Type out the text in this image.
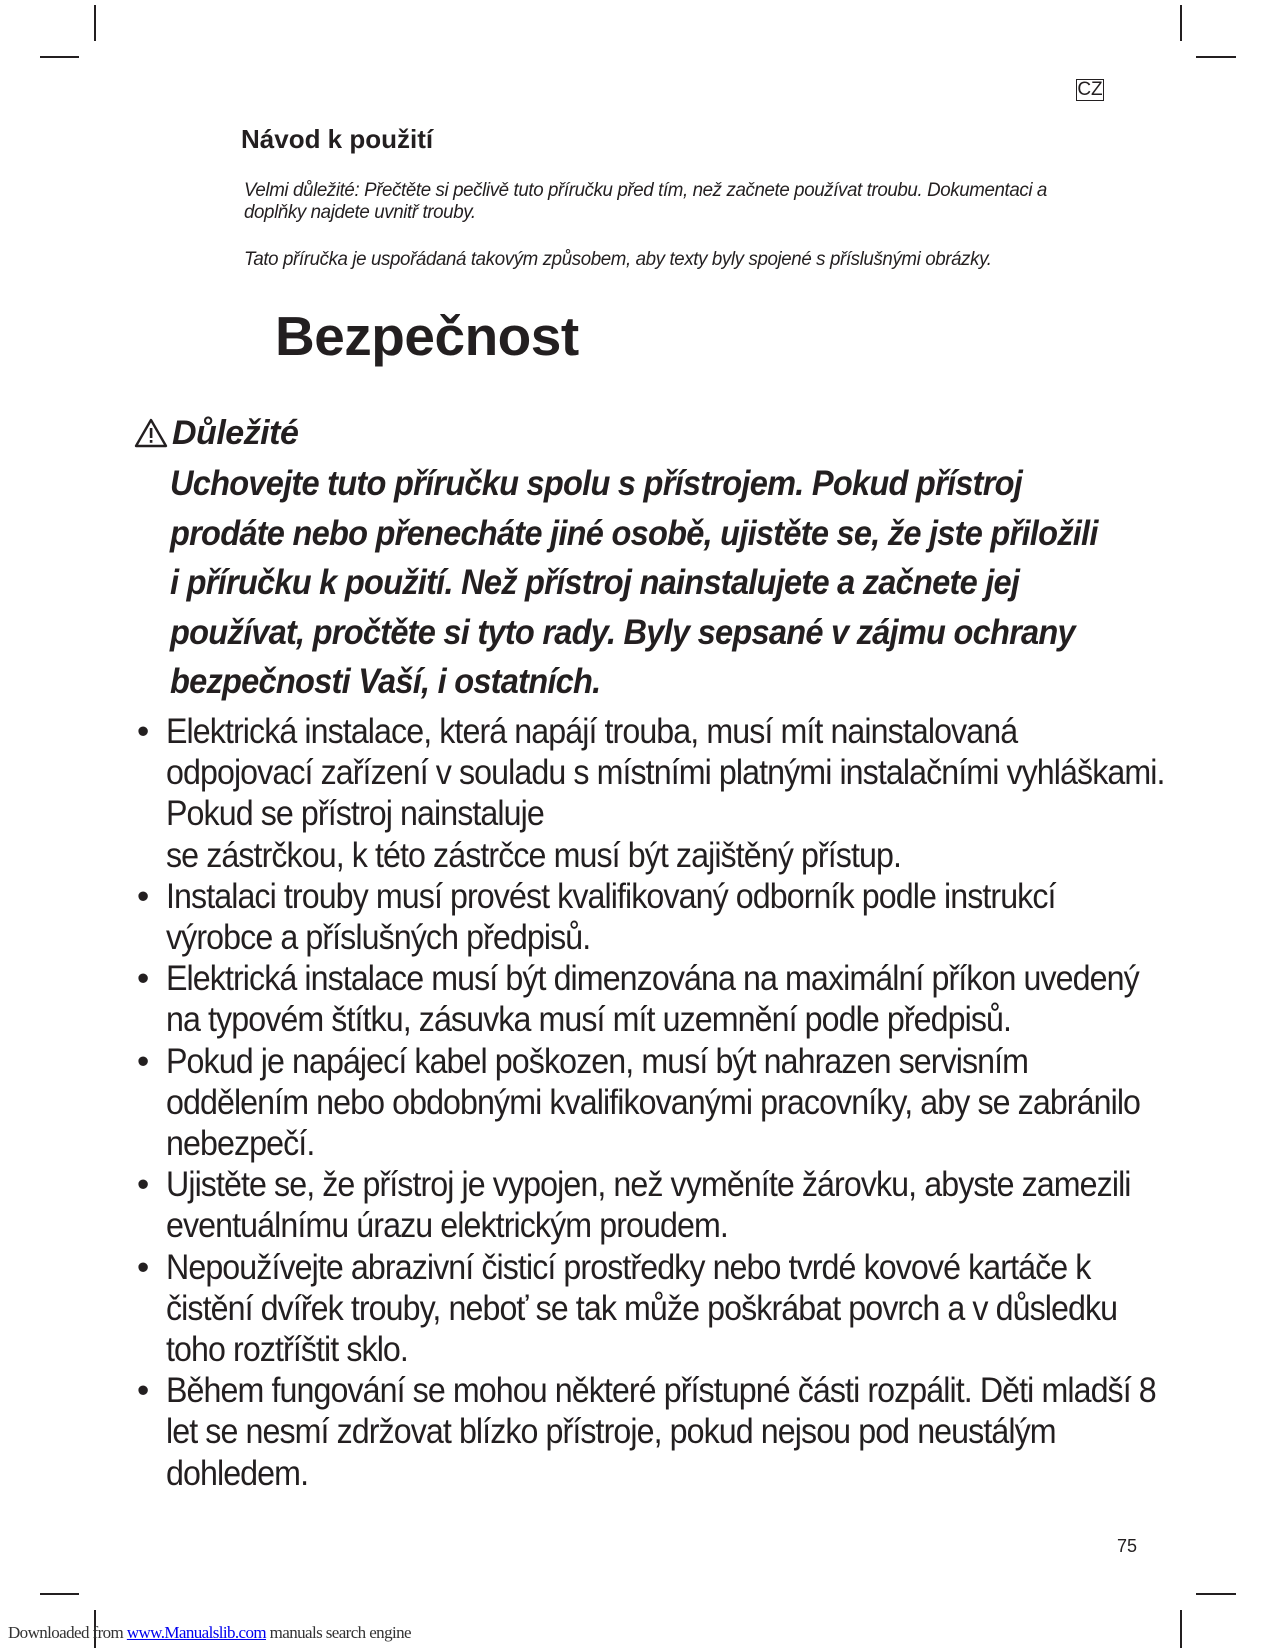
CZ
Návod k použití

Velmi důležité: Přečtěte si pečlivě tuto příručku před tím, než začnete používat troubu. Dokumentaci a doplňky najdete uvnitř trouby.

Tato příručka je uspořádaná takovým způsobem, aby texty byly spojené s příslušnými obrázky.

Bezpečnost
Důležité

Uchovejte tuto příručku spolu s přístrojem. Pokud přístroj prodáte nebo přenecháte jiné osobě, ujistěte se, že jste přiložili i příručku k použití. Než přístroj nainstalujete a začnete jej používat, pročtěte si tyto rady. Byly sepsané v zájmu ochrany bezpečnosti Vaší, i ostatních.

• Elektrická instalace, která napájí trouba, musí mít nainstalovaná odpojovací zařízení v souladu s místními platnými instalačními vyhláškami. Pokud se přístroj nainstaluje
se zástrčkou, k této zástrčce musí být zajištěný přístup.
• Instalaci trouby musí provést kvalifikovaný odborník podle instrukcí výrobce a příslušných předpisů.
• Elektrická instalace musí být dimenzována na maximální příkon uvedený na typovém štítku, zásuvka musí mít uzemnění podle předpisů.
• Pokud je napájecí kabel poškozen, musí být nahrazen servisním oddělením nebo obdobnými kvalifikovanými pracovníky, aby se zabránilo nebezpečí.
• Ujistěte se, že přístroj je vypojen, než vyměníte žárovku, abyste zamezili eventuálnímu úrazu elektrickým proudem.
• Nepoužívejte abrazivní čisticí prostředky nebo tvrdé kovové kartáče k čistění dvířek trouby, neboť se tak může poškrábat povrch a v důsledku toho roztříštit sklo.
• Během fungování se mohou některé přístupné části rozpálit. Děti mladší 8 let se nesmí zdržovat blízko přístroje, pokud nejsou pod neustálým dohledem.
75
Downloaded from www.Manualslib.com manuals search engine
